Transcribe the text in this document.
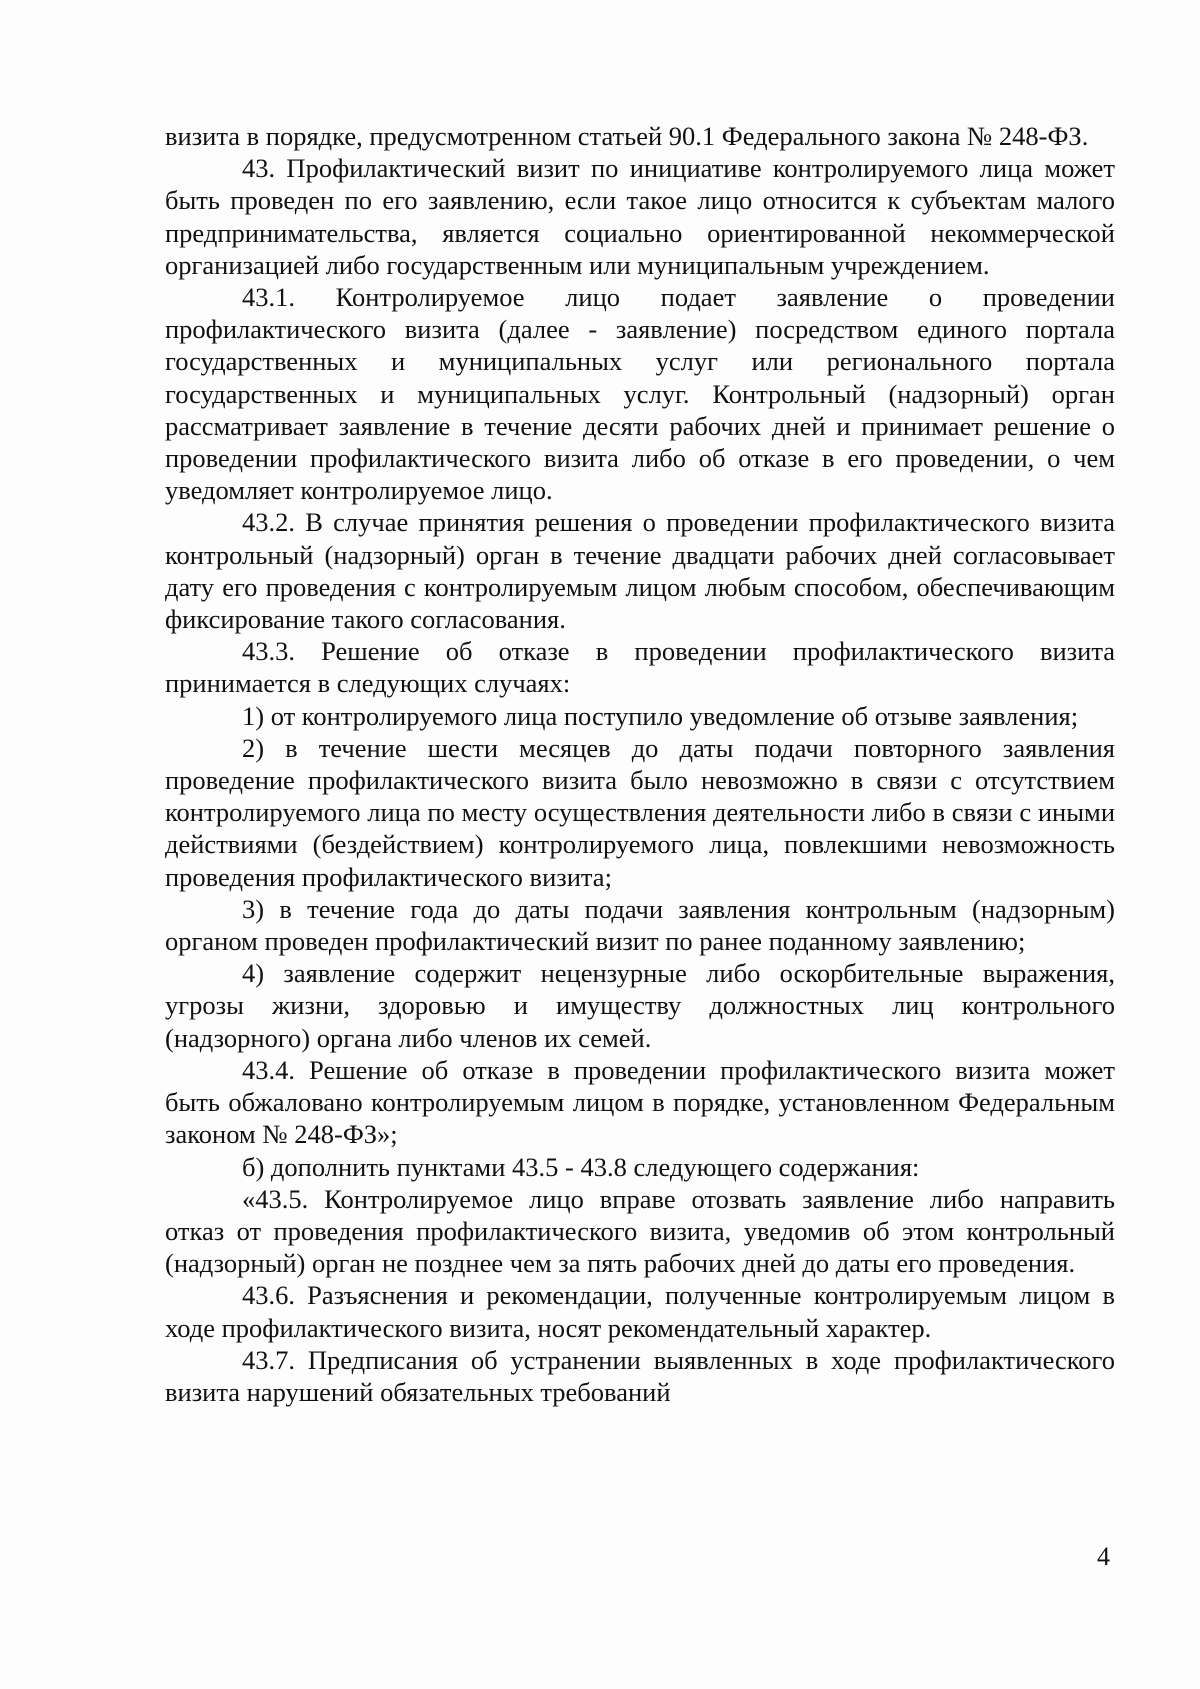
визита в порядке, предусмотренном статьей 90.1 Федерального закона № 248-ФЗ.

43. Профилактический визит по инициативе контролируемого лица может быть проведен по его заявлению, если такое лицо относится к субъектам малого предпринимательства, является социально ориентированной некоммерческой организацией либо государственным или муниципальным учреждением.

43.1. Контролируемое лицо подает заявление о проведении профилактического визита (далее - заявление) посредством единого портала государственных и муниципальных услуг или регионального портала государственных и муниципальных услуг. Контрольный (надзорный) орган рассматривает заявление в течение десяти рабочих дней и принимает решение о проведении профилактического визита либо об отказе в его проведении, о чем уведомляет контролируемое лицо.

43.2. В случае принятия решения о проведении профилактического визита контрольный (надзорный) орган в течение двадцати рабочих дней согласовывает дату его проведения с контролируемым лицом любым способом, обеспечивающим фиксирование такого согласования.

43.3. Решение об отказе в проведении профилактического визита принимается в следующих случаях:

1) от контролируемого лица поступило уведомление об отзыве заявления;

2) в течение шести месяцев до даты подачи повторного заявления проведение профилактического визита было невозможно в связи с отсутствием контролируемого лица по месту осуществления деятельности либо в связи с иными действиями (бездействием) контролируемого лица, повлекшими невозможность проведения профилактического визита;

3) в течение года до даты подачи заявления контрольным (надзорным) органом проведен профилактический визит по ранее поданному заявлению;

4) заявление содержит нецензурные либо оскорбительные выражения, угрозы жизни, здоровью и имуществу должностных лиц контрольного (надзорного) органа либо членов их семей.

43.4. Решение об отказе в проведении профилактического визита может быть обжаловано контролируемым лицом в порядке, установленном Федеральным законом № 248-ФЗ»;

б) дополнить пунктами 43.5 - 43.8 следующего содержания:

«43.5. Контролируемое лицо вправе отозвать заявление либо направить отказ от проведения профилактического визита, уведомив об этом контрольный (надзорный) орган не позднее чем за пять рабочих дней до даты его проведения.

43.6. Разъяснения и рекомендации, полученные контролируемым лицом в ходе профилактического визита, носят рекомендательный характер.

43.7. Предписания об устранении выявленных в ходе профилактического визита нарушений обязательных требований

4
